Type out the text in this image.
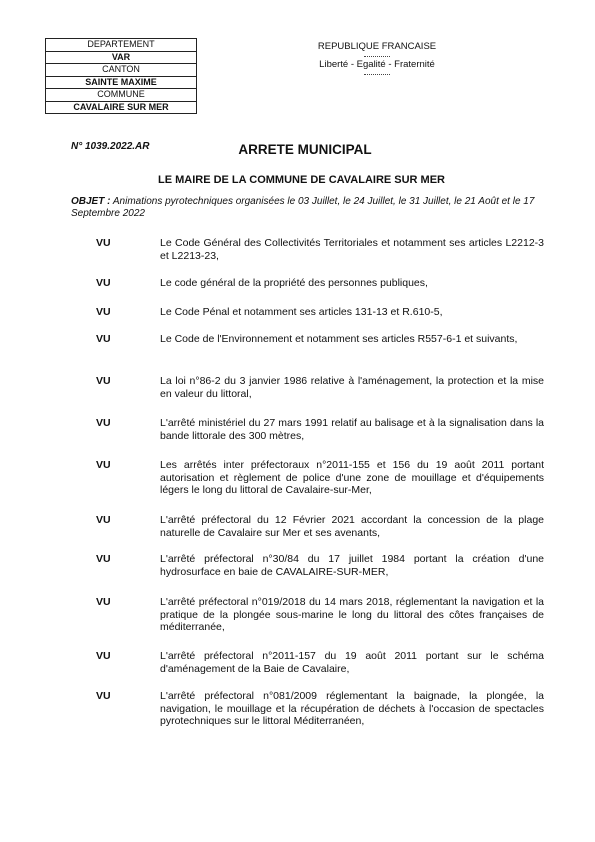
DEPARTEMENT
VAR
CANTON
SAINTE MAXIME
COMMUNE
CAVALAIRE SUR MER
REPUBLIQUE FRANCAISE
Liberté - Egalité - Fraternité
N° 1039.2022.AR	ARRETE MUNICIPAL
LE MAIRE DE LA COMMUNE DE CAVALAIRE SUR MER
OBJET : Animations pyrotechniques organisées le 03 Juillet, le 24 Juillet, le 31 Juillet, le 21 Août et le 17 Septembre 2022
VU	Le Code Général des Collectivités Territoriales et notamment ses articles L2212-3 et L2213-23,
VU	Le code général de la propriété des personnes publiques,
VU	Le Code Pénal et notamment ses articles 131-13 et R.610-5,
VU	Le Code de l'Environnement et notamment ses articles R557-6-1 et suivants,
VU	La loi n°86-2 du 3 janvier 1986 relative à l'aménagement, la protection et la mise en valeur du littoral,
VU	L'arrêté ministériel du 27 mars 1991 relatif au balisage et à la signalisation dans la bande littorale des 300 mètres,
VU	Les arrêtés inter préfectoraux n°2011-155 et 156 du 19 août 2011 portant autorisation et règlement de police d'une zone de mouillage et d'équipements légers le long du littoral de Cavalaire-sur-Mer,
VU	L'arrêté préfectoral du 12 Février 2021 accordant la concession de la plage naturelle de Cavalaire sur Mer et ses avenants,
VU	L'arrêté préfectoral n°30/84 du 17 juillet 1984 portant la création d'une hydrosurface en baie de CAVALAIRE-SUR-MER,
VU	L'arrêté préfectoral n°019/2018 du 14 mars 2018, réglementant la navigation et la pratique de la plongée sous-marine le long du littoral des côtes françaises de méditerranée,
VU	L'arrêté préfectoral n°2011-157 du 19 août 2011 portant sur le schéma d'aménagement de la Baie de Cavalaire,
VU	L'arrêté préfectoral n°081/2009 réglementant la baignade, la plongée, la navigation, le mouillage et la récupération de déchets à l'occasion de spectacles pyrotechniques sur le littoral Méditerranéen,
